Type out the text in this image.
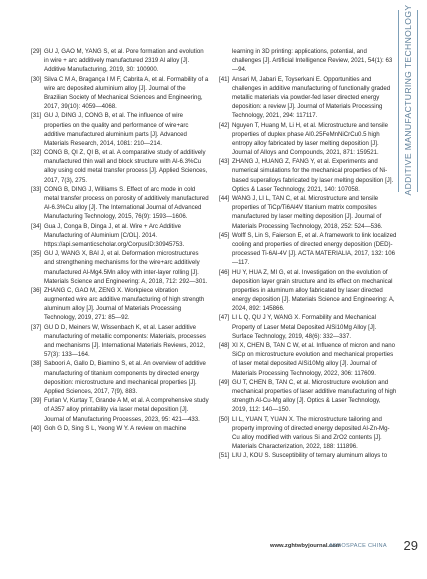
ADDITIVE MANUFACTURING TECHNOLOGY
[29] GU J, GAO M, YANG S, et al. Pore formation and evolution in wire + arc additively manufactured 2319 Al alloy [J]. Additive Manufacturing, 2019, 30: 100900.
[30] Silva C M A, Bragança I M F, Cabrita A, et al. Formability of a wire arc deposited aluminium alloy [J]. Journal of the Brazilian Society of Mechanical Sciences and Engineering, 2017, 39(10): 4059—4068.
[31] GU J, DING J, CONG B, et al. The influence of wire properties on the quality and performance of wire+arc additive manufactured aluminium parts [J]. Advanced Materials Research, 2014, 1081: 210—214.
[32] CONG B, QI Z, QI B, et al. A comparative study of additively manufactured thin wall and block structure with Al-6.3%Cu alloy using cold metal transfer process [J]. Applied Sciences, 2017, 7(3), 275.
[33] CONG B, DING J, Williams S. Effect of arc mode in cold metal transfer process on porosity of additively manufactured Al-6.3%Cu alloy [J]. The International Journal of Advanced Manufacturing Technology, 2015, 76(9): 1593—1606.
[34] Gua J, Conga B, Dinga J, et al. Wire + Arc Additive Manufacturing of Aluminium [C/OL]. 2014. https://api.semanticscholar.org/CorpusID:30945753.
[35] GU J, WANG X, BAI J, et al. Deformation microstructures and strengthening mechanisms for the wire+arc additively manufactured Al-Mg4.5Mn alloy with inter-layer rolling [J]. Materials Science and Engineering: A, 2018, 712: 292—301.
[36] ZHANG C, GAO M, ZENG X. Workpiece vibration augmented wire arc additive manufacturing of high strength aluminum alloy [J]. Journal of Materials Processing Technology, 2019, 271: 85—92.
[37] GU D D, Meiners W, Wissenbach K, et al. Laser additive manufacturing of metallic components: Materials, processes and mechanisms [J]. International Materials Reviews, 2012, 57(3): 133—164.
[38] Saboori A, Gallo D, Biamino S, et al. An overview of additive manufacturing of titanium components by directed energy deposition: microstructure and mechanical properties [J]. Applied Sciences, 2017, 7(9), 883.
[39] Furlan V, Kurtay T, Grande A M, et al. A comprehensive study of A357 alloy printability via laser metal deposition [J]. Journal of Manufacturing Processes, 2023, 95: 421—433.
[40] Goh G D, Sing S L, Yeong W Y. A review on machine
learning in 3D printing: applications, potential, and challenges [J]. Artificial Intelligence Review, 2021, 54(1): 63—94.
[41] Ansari M, Jabari E, Toyserkani E. Opportunities and challenges in additive manufacturing of functionally graded metallic materials via powder-fed laser directed energy deposition: a review [J]. Journal of Materials Processing Technology, 2021, 294: 117117.
[42] Nguyen T, Huang M, Li H, et al. Microstructure and tensile properties of duplex phase Al0.25FeMnNiCrCu0.5 high entropy alloy fabricated by laser melting deposition [J]. Journal of Alloys and Compounds, 2021, 871: 159521.
[43] ZHANG J, HUANG Z, FANG Y, et al. Experiments and numerical simulations for the mechanical properties of Ni-based superalloys fabricated by laser melting deposition [J]. Optics & Laser Technology, 2021, 140: 107058.
[44] WANG J, LI L, TAN C, et al. Microstructure and tensile properties of TiCp/Ti6Al4V titanium matrix composites manufactured by laser melting deposition [J]. Journal of Materials Processing Technology, 2018, 252: 524—536.
[45] Wolff S, Lin S, Faierson E, et al. A framework to link localized cooling and properties of directed energy deposition (DED)-processed Ti-6Al-4V [J]. ACTA MATERIALIA, 2017, 132: 106—117.
[46] HU Y, HUA Z, MI G, et al. Investigation on the evolution of deposition layer grain structure and its effect on mechanical properties in aluminum alloy fabricated by laser directed energy deposition [J]. Materials Science and Engineering: A, 2024, 892: 145866.
[47] LI L Q, QU J Y, WANG X. Formability and Mechanical Property of Laser Metal Deposited AlSi10Mg Alloy [J]. Surface Technology, 2019, 48(6): 332—337.
[48] XI X, CHEN B, TAN C W, et al. Influence of micron and nano SiCp on microstructure evolution and mechanical properties of laser metal deposited AlSi10Mg alloy [J]. Journal of Materials Processing Technology, 2022, 306: 117609.
[49] GU T, CHEN B, TAN C, et al. Microstructure evolution and mechanical properties of laser additive manufacturing of high strength Al-Cu-Mg alloy [J]. Optics & Laser Technology, 2019, 112: 140—150.
[50] LI L, YUAN T, YUAN X. The microstructure tailoring and property improving of directed energy deposited Al-Zn-Mg-Cu alloy modified with various Si and ZrO2 contents [J]. Materials Characterization, 2022, 188: 111896.
[51] LIU J, KOU S. Susceptibility of ternary aluminum alloys to
www.zghtwbyjournal.com
AEROSPACE CHINA 29
